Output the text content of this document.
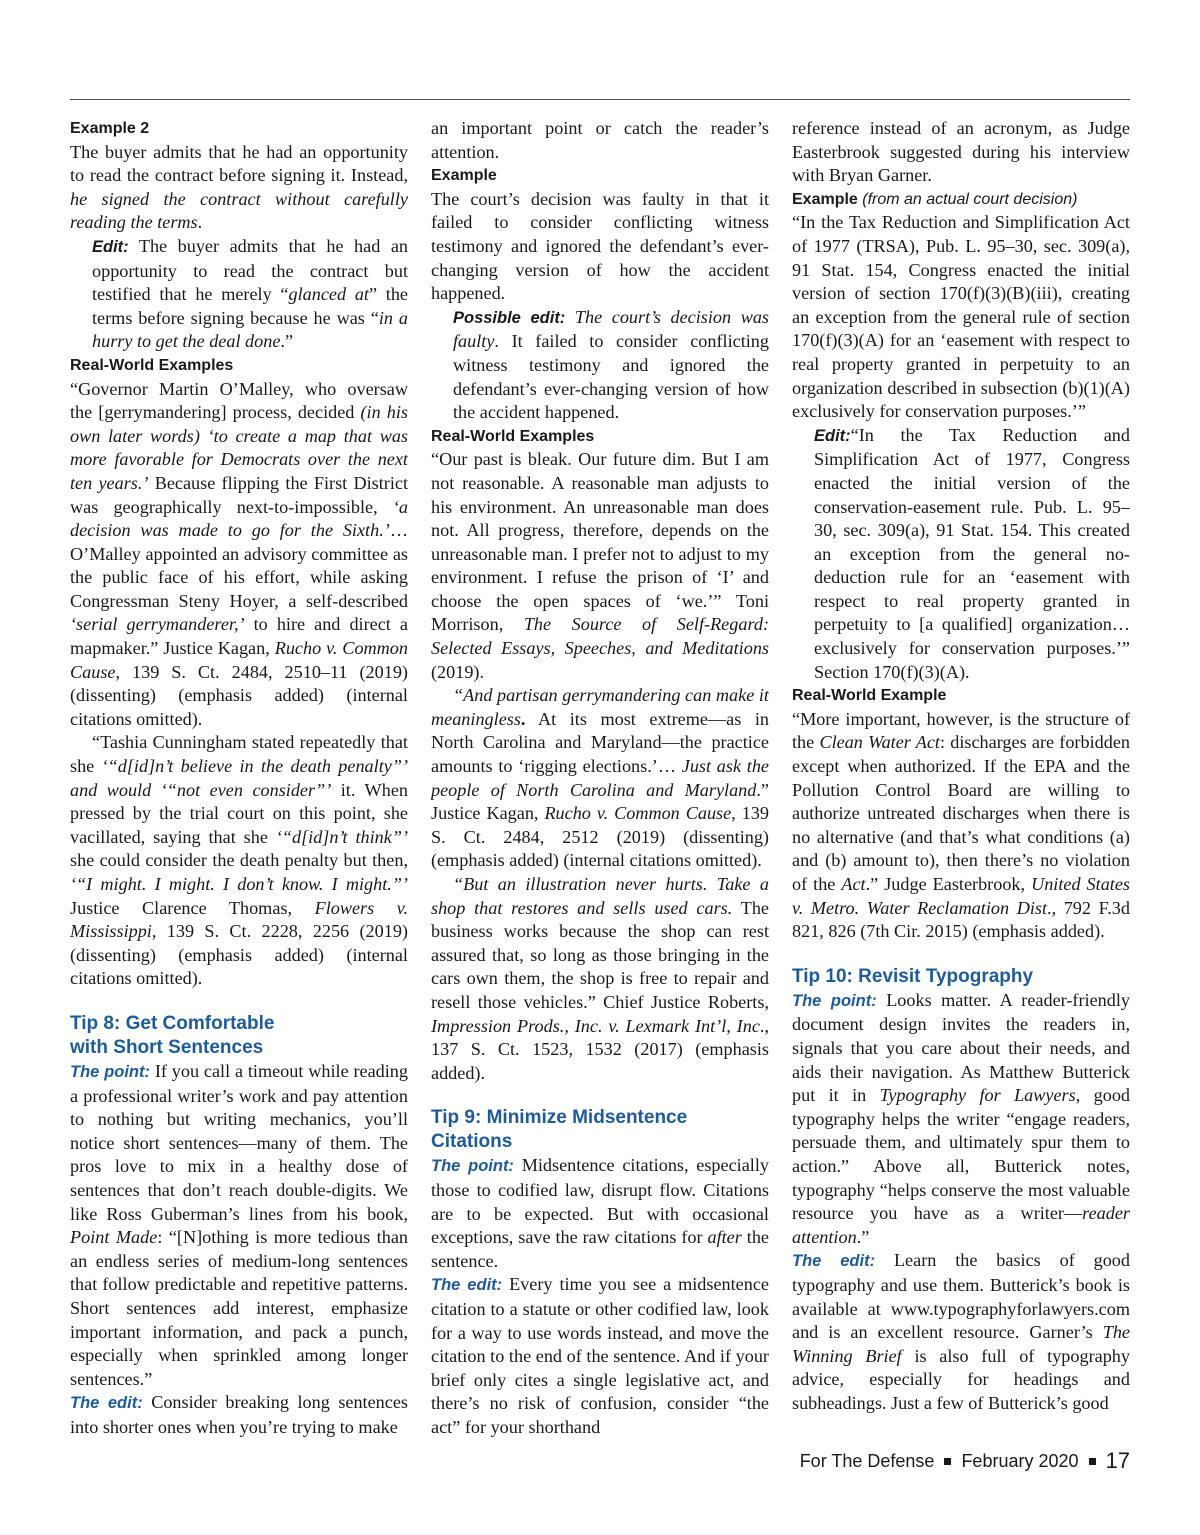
Example 2

The buyer admits that he had an opportunity to read the contract before signing it. Instead, he signed the contract without carefully reading the terms.

Edit: The buyer admits that he had an opportunity to read the contract but testified that he merely “glanced at” the terms before signing because he was “in a hurry to get the deal done.”

Real-World Examples

“Governor Martin O’Malley, who oversaw the [gerrymandering] process, decided (in his own later words) ‘to create a map that was more favorable for Democrats over the next ten years.’ Because flipping the First District was geographically next-to-impossible, ‘a decision was made to go for the Sixth.’… O’Malley appointed an advisory committee as the public face of his effort, while asking Congressman Steny Hoyer, a self-described ‘serial gerrymanderer,’ to hire and direct a mapmaker.” Justice Kagan, Rucho v. Common Cause, 139 S. Ct. 2484, 2510–11 (2019) (dissenting) (emphasis added) (internal citations omitted).

“Tashia Cunningham stated repeatedly that she ‘“d[id]n’t believe in the death penalty”’ and would ‘“not even consider”’ it. When pressed by the trial court on this point, she vacillated, saying that she ‘“d[id]n’t think”’ she could consider the death penalty but then, ‘“I might. I might. I don’t know. I might.”’ Justice Clarence Thomas, Flowers v. Mississippi, 139 S. Ct. 2228, 2256 (2019) (dissenting) (emphasis added) (internal citations omitted).

Tip 8: Get Comfortable
with Short Sentences

The point: If you call a timeout while reading a professional writer’s work and pay attention to nothing but writing mechanics, you’ll notice short sentences—many of them. The pros love to mix in a healthy dose of sentences that don’t reach double-digits. We like Ross Guberman’s lines from his book, Point Made: “[N]othing is more tedious than an endless series of medium-long sentences that follow predictable and repetitive patterns. Short sentences add interest, emphasize important information, and pack a punch, especially when sprinkled among longer sentences.”

The edit: Consider breaking long sentences into shorter ones when you’re trying to make

an important point or catch the reader’s attention.

Example

The court’s decision was faulty in that it failed to consider conflicting witness testimony and ignored the defendant’s ever-changing version of how the accident happened.

Possible edit: The court’s decision was faulty. It failed to consider conflicting witness testimony and ignored the defendant’s ever-changing version of how the accident happened.

Real-World Examples

“Our past is bleak. Our future dim. But I am not reasonable. A reasonable man adjusts to his environment. An unreasonable man does not. All progress, therefore, depends on the unreasonable man. I prefer not to adjust to my environment. I refuse the prison of ‘I’ and choose the open spaces of ‘we.’” Toni Morrison, The Source of Self-Regard: Selected Essays, Speeches, and Meditations (2019).

“And partisan gerrymandering can make it meaningless. At its most extreme—as in North Carolina and Maryland—the practice amounts to ‘rigging elections.’… Just ask the people of North Carolina and Maryland.” Justice Kagan, Rucho v. Common Cause, 139 S. Ct. 2484, 2512 (2019) (dissenting) (emphasis added) (internal citations omitted).

“But an illustration never hurts. Take a shop that restores and sells used cars. The business works because the shop can rest assured that, so long as those bringing in the cars own them, the shop is free to repair and resell those vehicles.” Chief Justice Roberts, Impression Prods., Inc. v. Lexmark Int’l, Inc., 137 S. Ct. 1523, 1532 (2017) (emphasis added).

Tip 9: Minimize Midsentence Citations

The point: Midsentence citations, especially those to codified law, disrupt flow. Citations are to be expected. But with occasional exceptions, save the raw citations for after the sentence.

The edit: Every time you see a midsentence citation to a statute or other codified law, look for a way to use words instead, and move the citation to the end of the sentence. And if your brief only cites a single legislative act, and there’s no risk of confusion, consider “the act” for your shorthand

reference instead of an acronym, as Judge Easterbrook suggested during his interview with Bryan Garner.

Example (from an actual court decision)

“In the Tax Reduction and Simplification Act of 1977 (TRSA), Pub. L. 95–30, sec. 309(a), 91 Stat. 154, Congress enacted the initial version of section 170(f)(3)(B)(iii), creating an exception from the general rule of section 170(f)(3)(A) for an ‘easement with respect to real property granted in perpetuity to an organization described in subsection (b)(1)(A) exclusively for conservation purposes.’”

Edit:“In the Tax Reduction and Simplification Act of 1977, Congress enacted the initial version of the conservation-easement rule. Pub. L. 95–30, sec. 309(a), 91 Stat. 154. This created an exception from the general no-deduction rule for an ‘easement with respect to real property granted in perpetuity to [a qualified] organization… exclusively for conservation purposes.’” Section 170(f)(3)(A).

Real-World Example

“More important, however, is the structure of the Clean Water Act: discharges are forbidden except when authorized. If the EPA and the Pollution Control Board are willing to authorize untreated discharges when there is no alternative (and that’s what conditions (a) and (b) amount to), then there’s no violation of the Act.” Judge Easterbrook, United States v. Metro. Water Reclamation Dist., 792 F.3d 821, 826 (7th Cir. 2015) (emphasis added).

Tip 10: Revisit Typography

The point: Looks matter. A reader-friendly document design invites the readers in, signals that you care about their needs, and aids their navigation. As Matthew Butterick put it in Typography for Lawyers, good typography helps the writer “engage readers, persuade them, and ultimately spur them to action.” Above all, Butterick notes, typography “helps conserve the most valuable resource you have as a writer—reader attention.”

The edit: Learn the basics of good typography and use them. Butterick’s book is available at www.typographyforlawyers.com and is an excellent resource. Garner’s The Winning Brief is also full of typography advice, especially for headings and subheadings. Just a few of Butterick’s good

For The Defense February 2020 17
